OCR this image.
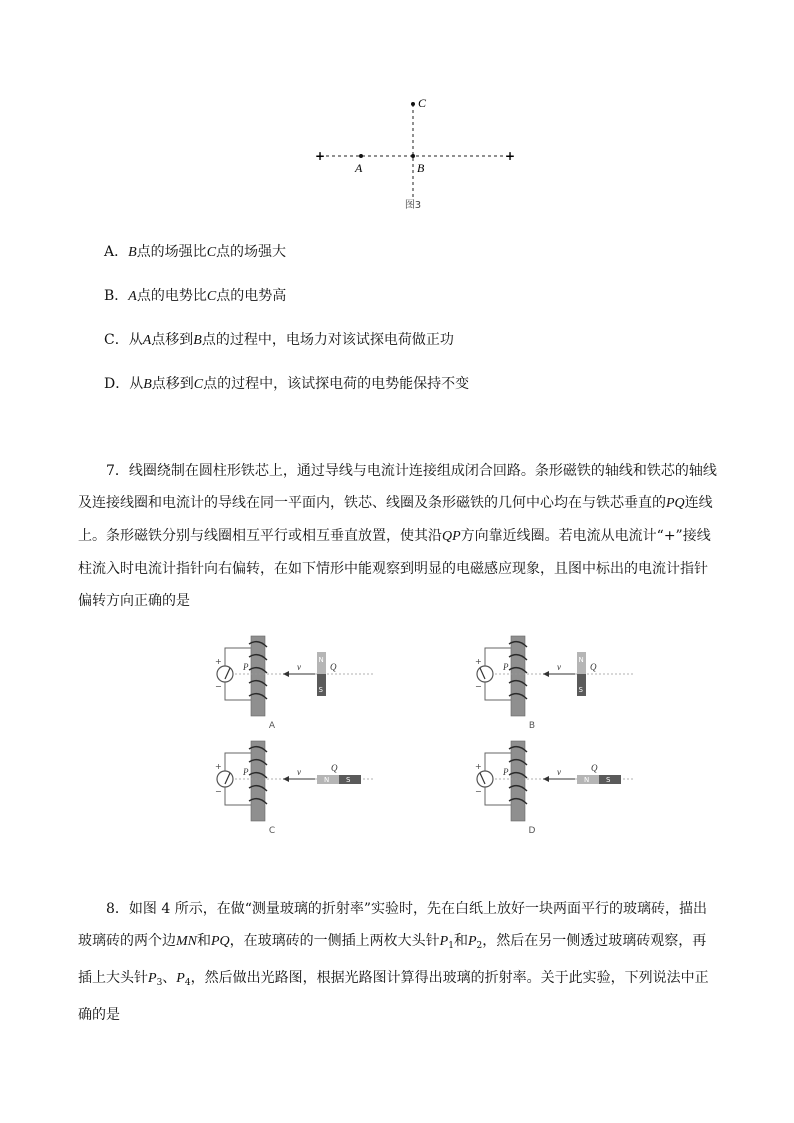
+	+
C
A	B
图3
A．B点的场强比C点的场强大
B．A点的电势比C点的电势高
C．从A点移到B点的过程中，电场力对该试探电荷做正功
D．从B点移到C点的过程中，该试探电荷的电势能保持不变

7．线圈绕制在圆柱形铁芯上，通过导线与电流计连接组成闭合回路。条形磁铁的轴线和铁芯的轴线及连接线圈和电流计的导线在同一平面内，铁芯、线圈及条形磁铁的几何中心均在与铁芯垂直的PQ连线上。条形磁铁分别与线圈相互平行或相互垂直放置，使其沿QP方向靠近线圈。若电流从电流计“+”接线柱流入时电流计指针向右偏转，在如下情形中能观察到明显的电磁感应现象，且图中标出的电流计指针偏转方向正确的是

+
−
P	v
N
S
Q
A
+
−
P	v
N
S
Q
B
+
−
P	v
N S
Q
C
+
−
P	v
N S
Q
D

8．如图 4 所示，在做“测量玻璃的折射率”实验时，先在白纸上放好一块两面平行的玻璃砖，描出玻璃砖的两个边MN和PQ，在玻璃砖的一侧插上两枚大头针$P_1$和$P_2$，然后在另一侧透过玻璃砖观察，再插上大头针$P_3$、$P_4$，然后做出光路图，根据光路图计算得出玻璃的折射率。关于此实验，下列说法中正确的是
